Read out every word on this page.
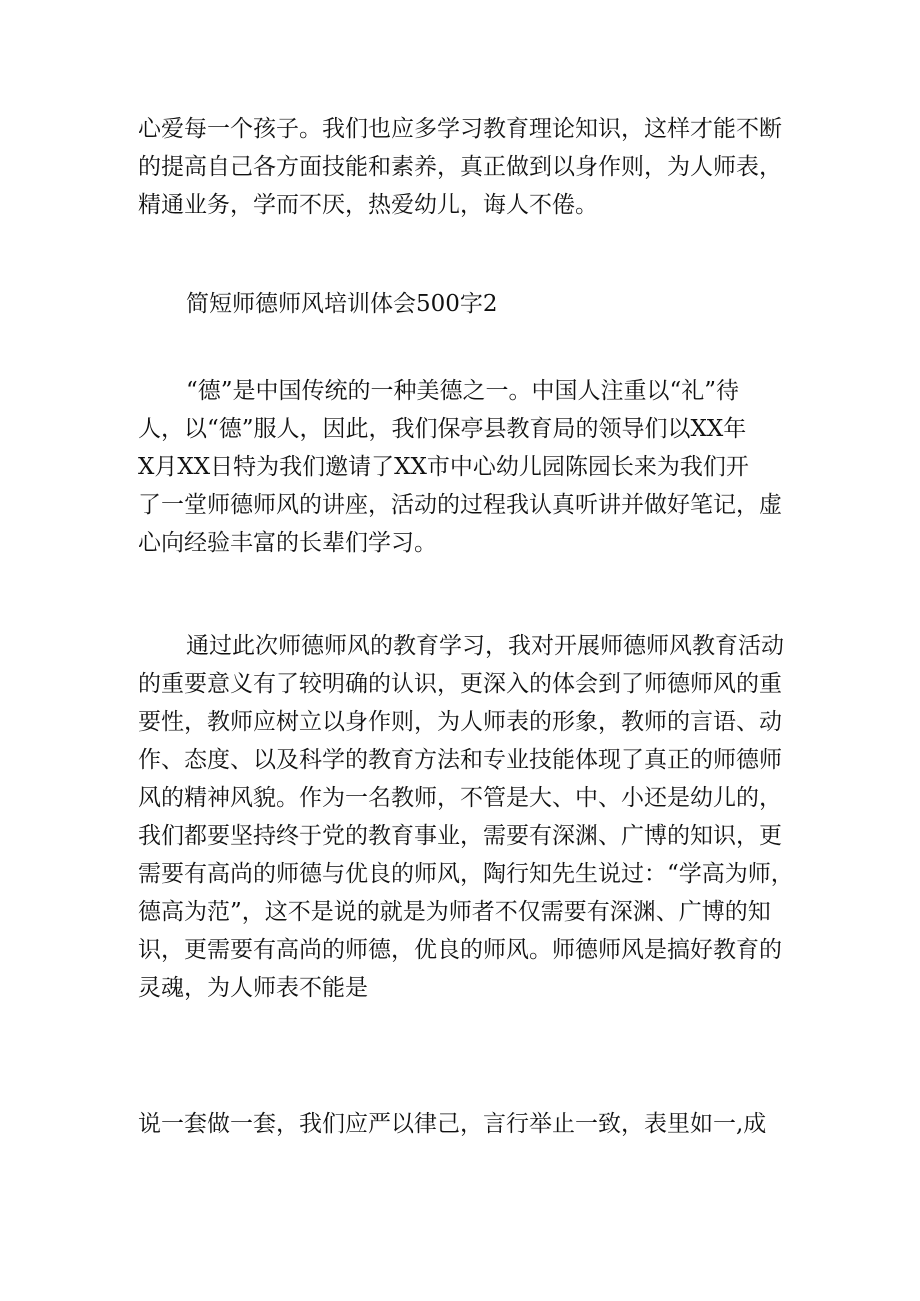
心爱每一个孩子。我们也应多学习教育理论知识，这样才能不断
的提高自己各方面技能和素养，真正做到以身作则，为人师表，
精通业务，学而不厌，热爱幼儿，诲人不倦。
简短师德师风培训体会500字2
“德”是中国传统的一种美德之一。中国人注重以“礼”待
人，以“德”服人，因此，我们保亭县教育局的领导们以XX年
X月XX日特为我们邀请了XX市中心幼儿园陈园长来为我们开
了一堂师德师风的讲座，活动的过程我认真听讲并做好笔记，虚
心向经验丰富的长辈们学习。
通过此次师德师风的教育学习，我对开展师德师风教育活动
的重要意义有了较明确的认识，更深入的体会到了师德师风的重
要性，教师应树立以身作则，为人师表的形象，教师的言语、动
作、态度、以及科学的教育方法和专业技能体现了真正的师德师
风的精神风貌。作为一名教师，不管是大、中、小还是幼儿的，
我们都要坚持终于党的教育事业，需要有深渊、广博的知识，更
需要有高尚的师德与优良的师风，陶行知先生说过：“学高为师，
德高为范”，这不是说的就是为师者不仅需要有深渊、广博的知
识，更需要有高尚的师德，优良的师风。师德师风是搞好教育的
灵魂，为人师表不能是
说一套做一套，我们应严以律己，言行举止一致，表里如一,成
